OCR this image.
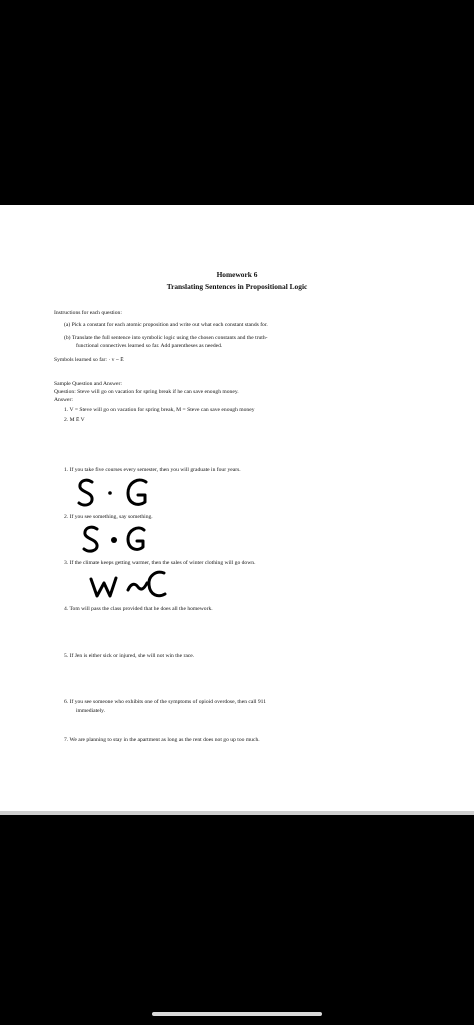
Homework 6
Translating Sentences in Propositional Logic
Instructions for each question:
(a) Pick a constant for each atomic proposition and write out what each constant stands for.
(b) Translate the full sentence into symbolic logic using the chosen constants and the truth-
functional connectives learned so far. Add parentheses as needed.
Symbols learned so far: · v ~ Ē
Sample Question and Answer:
Question: Steve will go on vacation for spring break if he can save enough money.
Answer:
1. V = Steve will go on vacation for spring break, M = Steve can save enough money
2. M Ē V
1. If you take five courses every semester, then you will graduate in four years.
2. If you see something, say something.
3. If the climate keeps getting warmer, then the sales of winter clothing will go down.
4. Tom will pass the class provided that he does all the homework.
5. If Jen is either sick or injured, she will not win the race.
6. If you see someone who exhibits one of the symptoms of opioid overdose, then call 911
immediately.
7. We are planning to stay in the apartment as long as the rent does not go up too much.
